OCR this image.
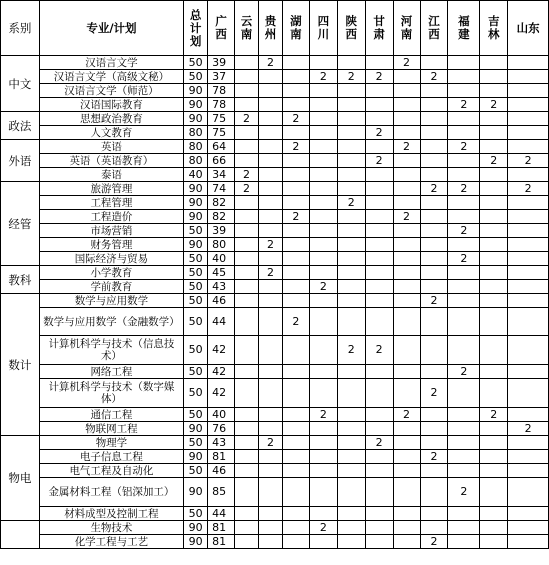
系别	专业/计划	总计划	广西	云南	贵州	湖南	四川	陕西	甘肃	河南	江西	福建	吉林	山东
中文	汉语言文学	50	39		2					2				
	汉语言文学（高级文秘）	50	37				2	2	2		2			
	汉语言文学（师范）	90	78											
	汉语国际教育	90	78									2	2	
政法	思想政治教育	90	75	2		2								
	人文教育	80	75						2					
外语	英语	80	64			2				2		2		
	英语（英语教育）	80	66						2				2	2
	泰语	40	34	2										
经管	旅游管理	90	74	2							2	2		2
	工程管理	90	82					2						
	工程造价	90	82			2				2				
	市场营销	50	39									2		
	财务管理	90	80		2									
	国际经济与贸易	50	40									2		
教科	小学教育	50	45		2									
	学前教育	50	43				2							
数计	数学与应用数学	50	46								2			
	数学与应用数学（金融数学）	50	44			2								
	计算机科学与技术（信息技术）	50	42					2	2					
	网络工程	50	42									2		
	计算机科学与技术（数字媒体）	50	42								2			
	通信工程	50	40				2			2			2	
	物联网工程	90	76											2
物电	物理学	50	43		2				2					
	电子信息工程	90	81								2			
	电气工程及自动化	50	46											
	金属材料工程（铝深加工）	90	85									2		
	材料成型及控制工程	50	44											
	生物技术	90	81				2							
	化学工程与工艺	90	81								2			
